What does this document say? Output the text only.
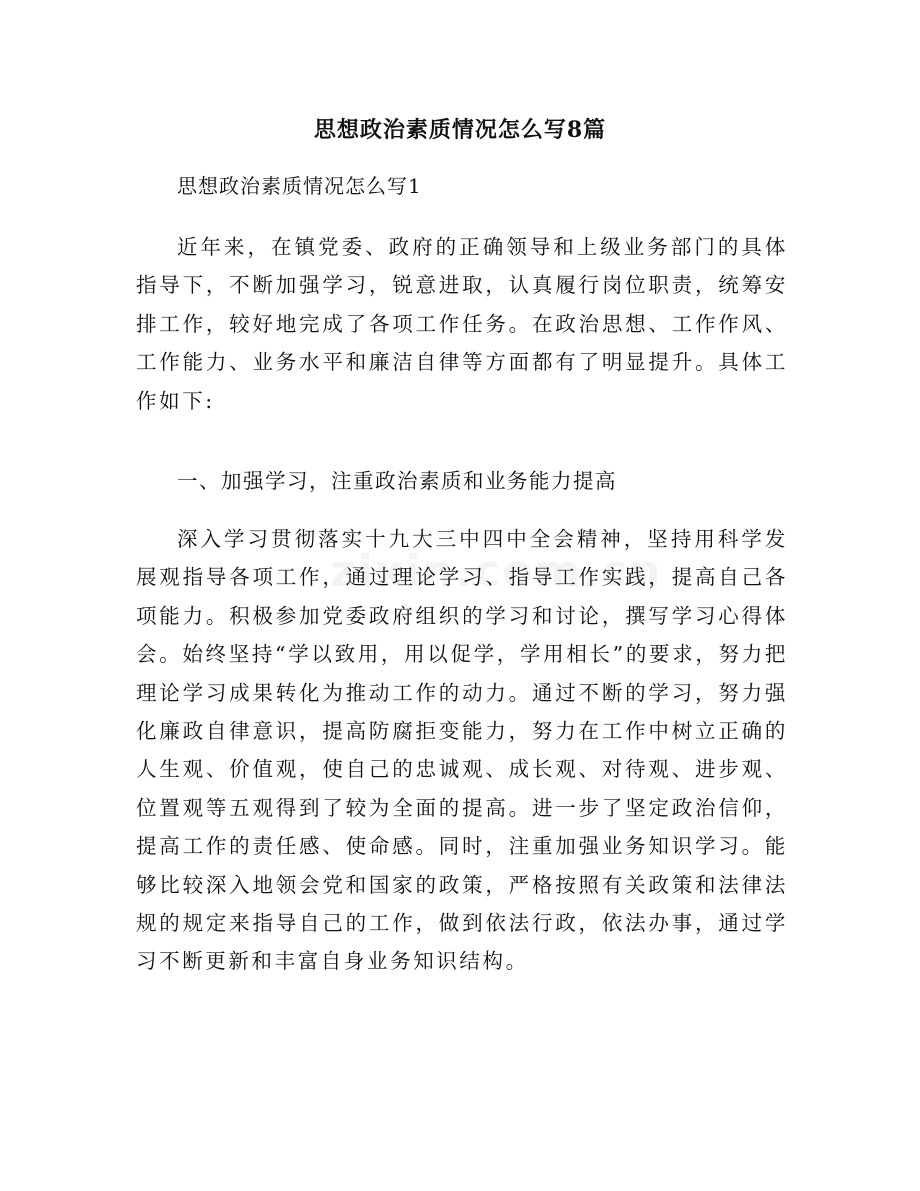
思想政治素质情况怎么写8篇
思想政治素质情况怎么写1

近年来，在镇党委、政府的正确领导和上级业务部门的具体指导下，不断加强学习，锐意进取，认真履行岗位职责，统筹安排工作，较好地完成了各项工作任务。在政治思想、工作作风、工作能力、业务水平和廉洁自律等方面都有了明显提升。具体工作如下:

一、加强学习，注重政治素质和业务能力提高

深入学习贯彻落实十九大三中四中全会精神，坚持用科学发展观指导各项工作，通过理论学习、指导工作实践，提高自己各项能力。积极参加党委政府组织的学习和讨论，撰写学习心得体会。始终坚持“学以致用，用以促学，学用相长”的要求，努力把理论学习成果转化为推动工作的动力。通过不断的学习，努力强化廉政自律意识，提高防腐拒变能力，努力在工作中树立正确的人生观、价值观，使自己的忠诚观、成长观、对待观、进步观、位置观等五观得到了较为全面的提高。进一步了坚定政治信仰，提高工作的责任感、使命感。同时，注重加强业务知识学习。能够比较深入地领会党和国家的政策，严格按照有关政策和法律法规的规定来指导自己的工作，做到依法行政，依法办事，通过学习不断更新和丰富自身业务知识结构。
